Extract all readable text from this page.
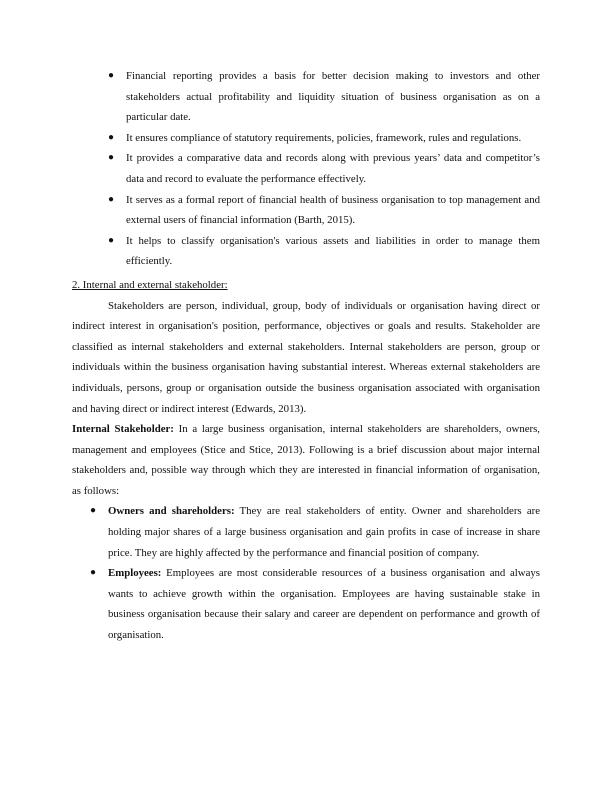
● Financial reporting provides a basis for better decision making to investors and other stakeholders actual profitability and liquidity situation of business organisation as on a particular date.
● It ensures compliance of statutory requirements, policies, framework, rules and regulations.
● It provides a comparative data and records along with previous years’ data and competitor’s data and record to evaluate the performance effectively.
● It serves as a formal report of financial health of business organisation to top management and external users of financial information (Barth, 2015).
● It helps to classify organisation's various assets and liabilities in order to manage them efficiently.
2. Internal and external stakeholder:

Stakeholders are person, individual, group, body of individuals or organisation having direct or indirect interest in organisation's position, performance, objectives or goals and results. Stakeholder are classified as internal stakeholders and external stakeholders. Internal stakeholders are person, group or individuals within the business organisation having substantial interest. Whereas external stakeholders are individuals, persons, group or organisation outside the business organisation associated with organisation and having direct or indirect interest (Edwards, 2013).

Internal Stakeholder: In a large business organisation, internal stakeholders are shareholders, owners, management and employees (Stice and Stice, 2013). Following is a brief discussion about major internal stakeholders and, possible way through which they are interested in financial information of organisation, as follows:

● Owners and shareholders: They are real stakeholders of entity. Owner and shareholders are holding major shares of a large business organisation and gain profits in case of increase in share price. They are highly affected by the performance and financial position of company.
● Employees: Employees are most considerable resources of a business organisation and always wants to achieve growth within the organisation. Employees are having sustainable stake in business organisation because their salary and career are dependent on performance and growth of organisation.
